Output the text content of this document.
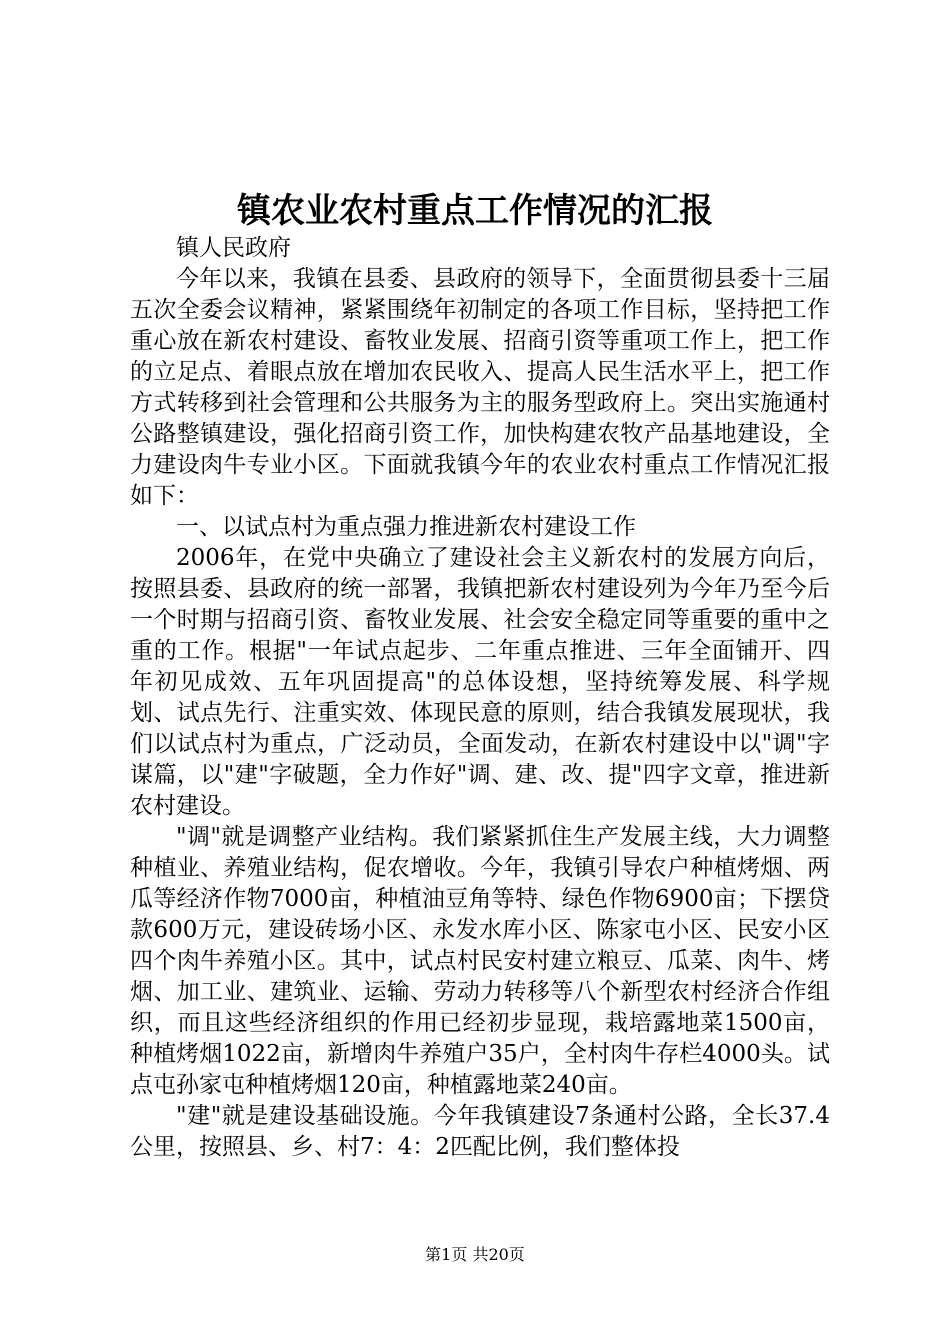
镇农业农村重点工作情况的汇报

镇人民政府

今年以来，我镇在县委、县政府的领导下，全面贯彻县委十三届五次全委会议精神，紧紧围绕年初制定的各项工作目标，坚持把工作重心放在新农村建设、畜牧业发展、招商引资等重项工作上，把工作的立足点、着眼点放在增加农民收入、提高人民生活水平上，把工作方式转移到社会管理和公共服务为主的服务型政府上。突出实施通村公路整镇建设，强化招商引资工作，加快构建农牧产品基地建设，全力建设肉牛专业小区。下面就我镇今年的农业农村重点工作情况汇报如下：

一、以试点村为重点强力推进新农村建设工作

2006年，在党中央确立了建设社会主义新农村的发展方向后，按照县委、县政府的统一部署，我镇把新农村建设列为今年乃至今后一个时期与招商引资、畜牧业发展、社会安全稳定同等重要的重中之重的工作。根据"一年试点起步、二年重点推进、三年全面铺开、四年初见成效、五年巩固提高"的总体设想，坚持统筹发展、科学规划、试点先行、注重实效、体现民意的原则，结合我镇发展现状，我们以试点村为重点，广泛动员，全面发动，在新农村建设中以"调"字谋篇，以"建"字破题，全力作好"调、建、改、提"四字文章，推进新农村建设。

"调"就是调整产业结构。我们紧紧抓住生产发展主线，大力调整种植业、养殖业结构，促农增收。今年，我镇引导农户种植烤烟、两瓜等经济作物7000亩，种植油豆角等特、绿色作物6900亩；下摆贷款600万元，建设砖场小区、永发水库小区、陈家屯小区、民安小区四个肉牛养殖小区。其中，试点村民安村建立粮豆、瓜菜、肉牛、烤烟、加工业、建筑业、运输、劳动力转移等八个新型农村经济合作组织，而且这些经济组织的作用已经初步显现，栽培露地菜1500亩，种植烤烟1022亩，新增肉牛养殖户35户，全村肉牛存栏4000头。试点屯孙家屯种植烤烟120亩，种植露地菜240亩。

"建"就是建设基础设施。今年我镇建设7条通村公路，全长37.4公里，按照县、乡、村7：4：2匹配比例，我们整体投

第1页 共20页
